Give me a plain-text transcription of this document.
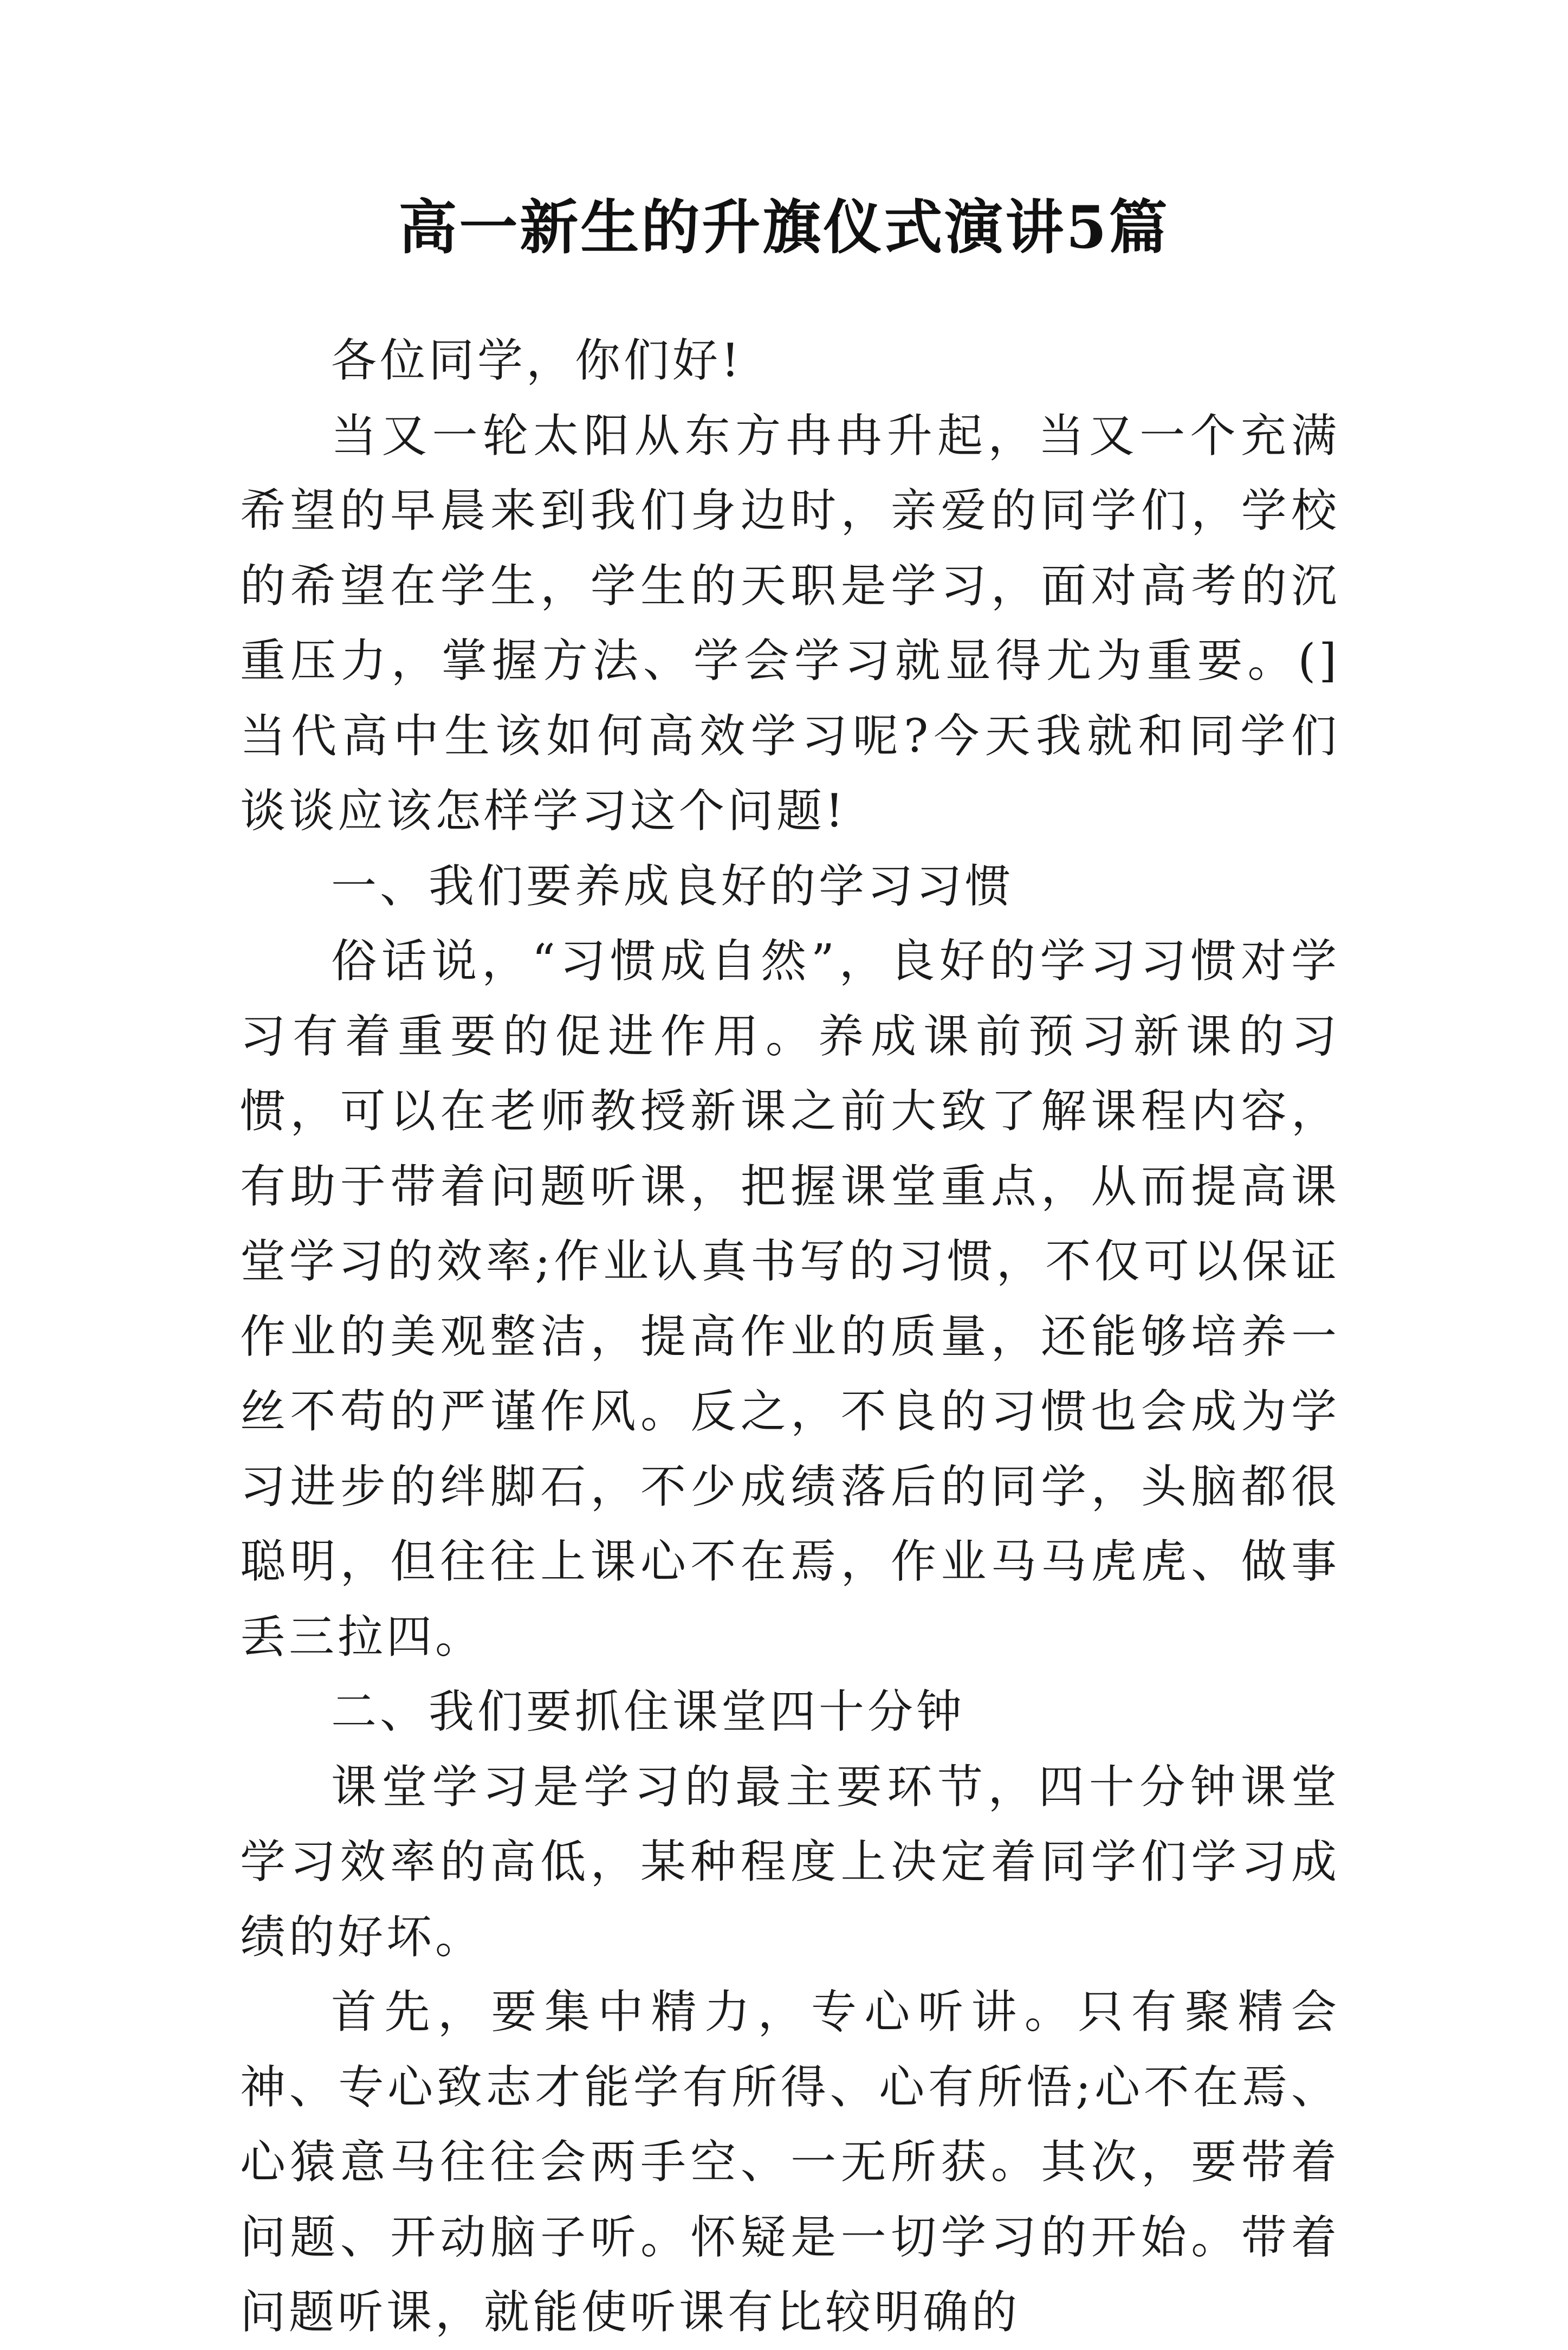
高一新生的升旗仪式演讲5篇

各位同学，你们好!

当又一轮太阳从东方冉冉升起，当又一个充满希望的早晨来到我们身边时，亲爱的同学们，学校的希望在学生，学生的天职是学习，面对高考的沉重压力，掌握方法、学会学习就显得尤为重要。(]当代高中生该如何高效学习呢?今天我就和同学们谈谈应该怎样学习这个问题!

一、我们要养成良好的学习习惯

俗话说，“习惯成自然”，良好的学习习惯对学习有着重要的促进作用。养成课前预习新课的习惯，可以在老师教授新课之前大致了解课程内容，有助于带着问题听课，把握课堂重点，从而提高课堂学习的效率;作业认真书写的习惯，不仅可以保证作业的美观整洁，提高作业的质量，还能够培养一丝不苟的严谨作风。反之，不良的习惯也会成为学习进步的绊脚石，不少成绩落后的同学，头脑都很聪明，但往往上课心不在焉，作业马马虎虎、做事丢三拉四。

二、我们要抓住课堂四十分钟

课堂学习是学习的最主要环节，四十分钟课堂学习效率的高低，某种程度上决定着同学们学习成绩的好坏。

首先，要集中精力，专心听讲。只有聚精会神、专心致志才能学有所得、心有所悟;心不在焉、心猿意马往往会两手空、一无所获。其次，要带着问题、开动脑子听。怀疑是一切学习的开始。带着问题听课，就能使听课有比较明确的
